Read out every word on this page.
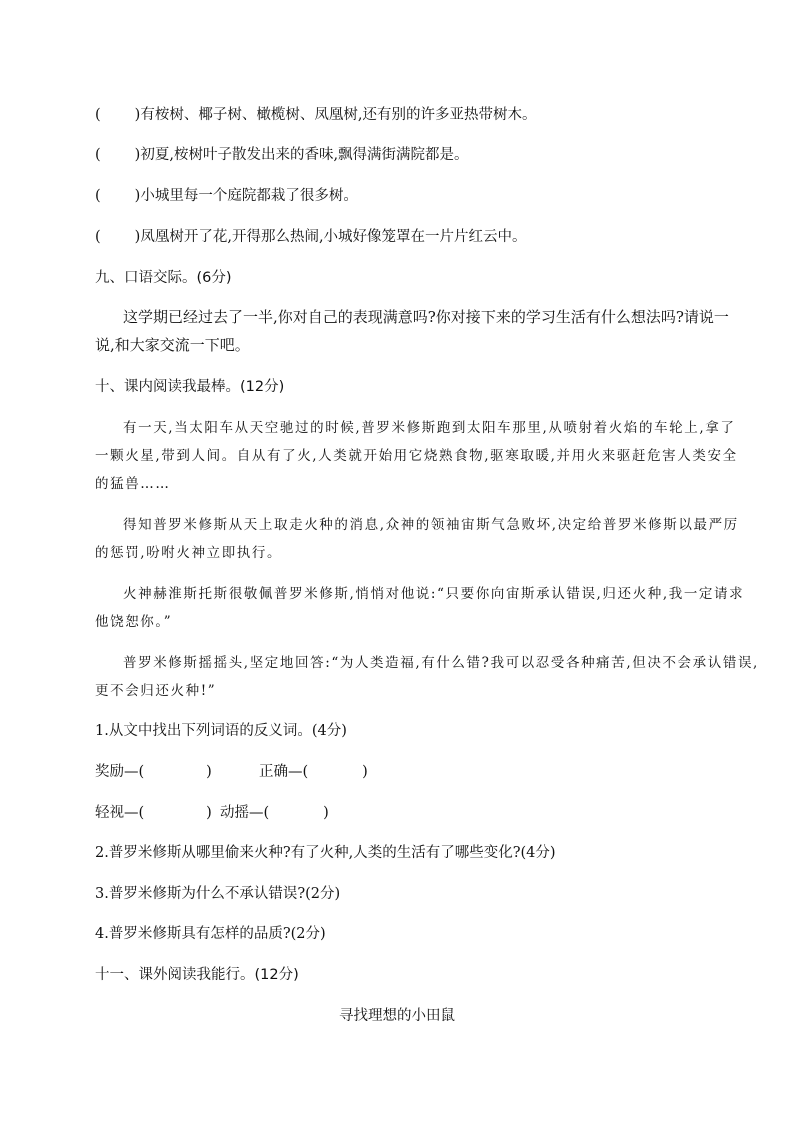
( )有桉树、椰子树、橄榄树、凤凰树,还有别的许多亚热带树木。
( )初夏,桉树叶子散发出来的香味,飘得满街满院都是。
( )小城里每一个庭院都栽了很多树。
( )凤凰树开了花,开得那么热闹,小城好像笼罩在一片片红云中。
九、口语交际。(6分)
这学期已经过去了一半,你对自己的表现满意吗?你对接下来的学习生活有什么想法吗?请说一
说,和大家交流一下吧。
十、课内阅读我最棒。(12分)
有一天,当太阳车从天空驰过的时候,普罗米修斯跑到太阳车那里,从喷射着火焰的车轮上,拿了
一颗火星,带到人间。自从有了火,人类就开始用它烧熟食物,驱寒取暖,并用火来驱赶危害人类安全
的猛兽……
得知普罗米修斯从天上取走火种的消息,众神的领袖宙斯气急败坏,决定给普罗米修斯以最严厉
的惩罚,吩咐火神立即执行。
火神赫淮斯托斯很敬佩普罗米修斯,悄悄对他说:“只要你向宙斯承认错误,归还火种,我一定请求
他饶恕你。”
普罗米修斯摇摇头,坚定地回答:“为人类造福,有什么错?我可以忍受各种痛苦,但决不会承认错误,
更不会归还火种!”
1.从文中找出下列词语的反义词。(4分)
奖励—(	)	正确—(	)
轻视—(	) 动摇—(	)
2.普罗米修斯从哪里偷来火种?有了火种,人类的生活有了哪些变化?(4分)
3.普罗米修斯为什么不承认错误?(2分)
4.普罗米修斯具有怎样的品质?(2分)
十一、课外阅读我能行。(12分)
寻找理想的小田鼠
